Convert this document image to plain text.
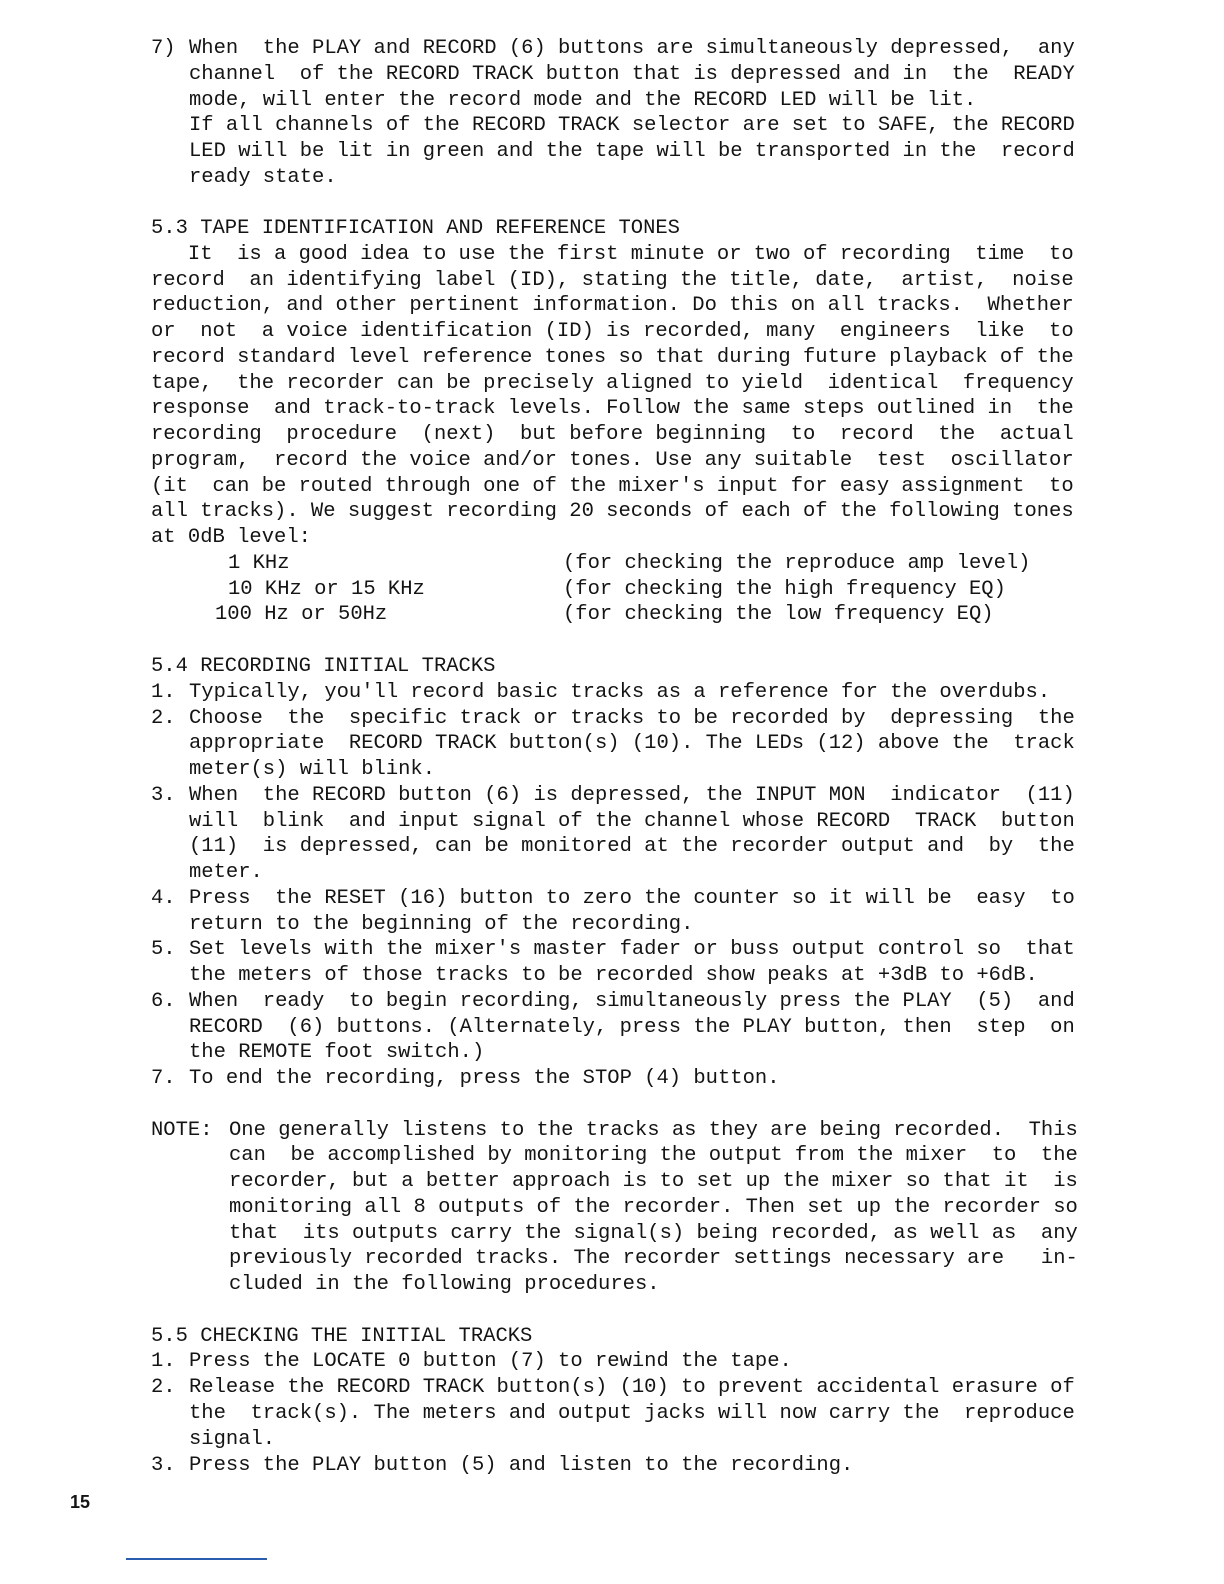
7) When  the PLAY and RECORD (6) buttons are simultaneously depressed,  any
channel  of the RECORD TRACK button that is depressed and in  the  READY
mode, will enter the record mode and the RECORD LED will be lit.
If all channels of the RECORD TRACK selector are set to SAFE, the RECORD
LED will be lit in green and the tape will be transported in the  record
ready state.
5.3 TAPE IDENTIFICATION AND REFERENCE TONES
It  is a good idea to use the first minute or two of recording  time  to
record  an identifying label (ID), stating the title, date,  artist,  noise
reduction, and other pertinent information. Do this on all tracks.  Whether
or  not  a voice identification (ID) is recorded, many  engineers  like  to
record standard level reference tones so that during future playback of the
tape,  the recorder can be precisely aligned to yield  identical  frequency
response  and track-to-track levels. Follow the same steps outlined in  the
recording  procedure  (next)  but before beginning  to  record  the  actual
program,  record the voice and/or tones. Use any suitable  test  oscillator
(it  can be routed through one of the mixer's input for easy assignment  to
all tracks). We suggest recording 20 seconds of each of the following tones
at 0dB level:
1 KHz	(for checking the reproduce amp level)
10 KHz or 15 KHz	(for checking the high frequency EQ)
100 Hz or 50Hz	(for checking the low frequency EQ)
5.4 RECORDING INITIAL TRACKS
1. Typically, you'll record basic tracks as a reference for the overdubs.
2. Choose  the  specific track or tracks to be recorded by  depressing  the
appropriate  RECORD TRACK button(s) (10). The LEDs (12) above the  track
meter(s) will blink.
3. When  the RECORD button (6) is depressed, the INPUT MON  indicator  (11)
will  blink  and input signal of the channel whose RECORD  TRACK  button
(11)  is depressed, can be monitored at the recorder output and  by  the
meter.
4. Press  the RESET (16) button to zero the counter so it will be  easy  to
return to the beginning of the recording.
5. Set levels with the mixer's master fader or buss output control so  that
the meters of those tracks to be recorded show peaks at +3dB to +6dB.
6. When  ready  to begin recording, simultaneously press the PLAY  (5)  and
RECORD  (6) buttons. (Alternately, press the PLAY button, then  step  on
the REMOTE foot switch.)
7. To end the recording, press the STOP (4) button.
NOTE: One generally listens to the tracks as they are being recorded.  This
can  be accomplished by monitoring the output from the mixer  to  the
recorder, but a better approach is to set up the mixer so that it  is
monitoring all 8 outputs of the recorder. Then set up the recorder so
that  its outputs carry the signal(s) being recorded, as well as  any
previously recorded tracks. The recorder settings necessary are   in-
cluded in the following procedures.
5.5 CHECKING THE INITIAL TRACKS
1. Press the LOCATE 0 button (7) to rewind the tape.
2. Release the RECORD TRACK button(s) (10) to prevent accidental erasure of
the  track(s). The meters and output jacks will now carry the  reproduce
signal.
3. Press the PLAY button (5) and listen to the recording.
15
